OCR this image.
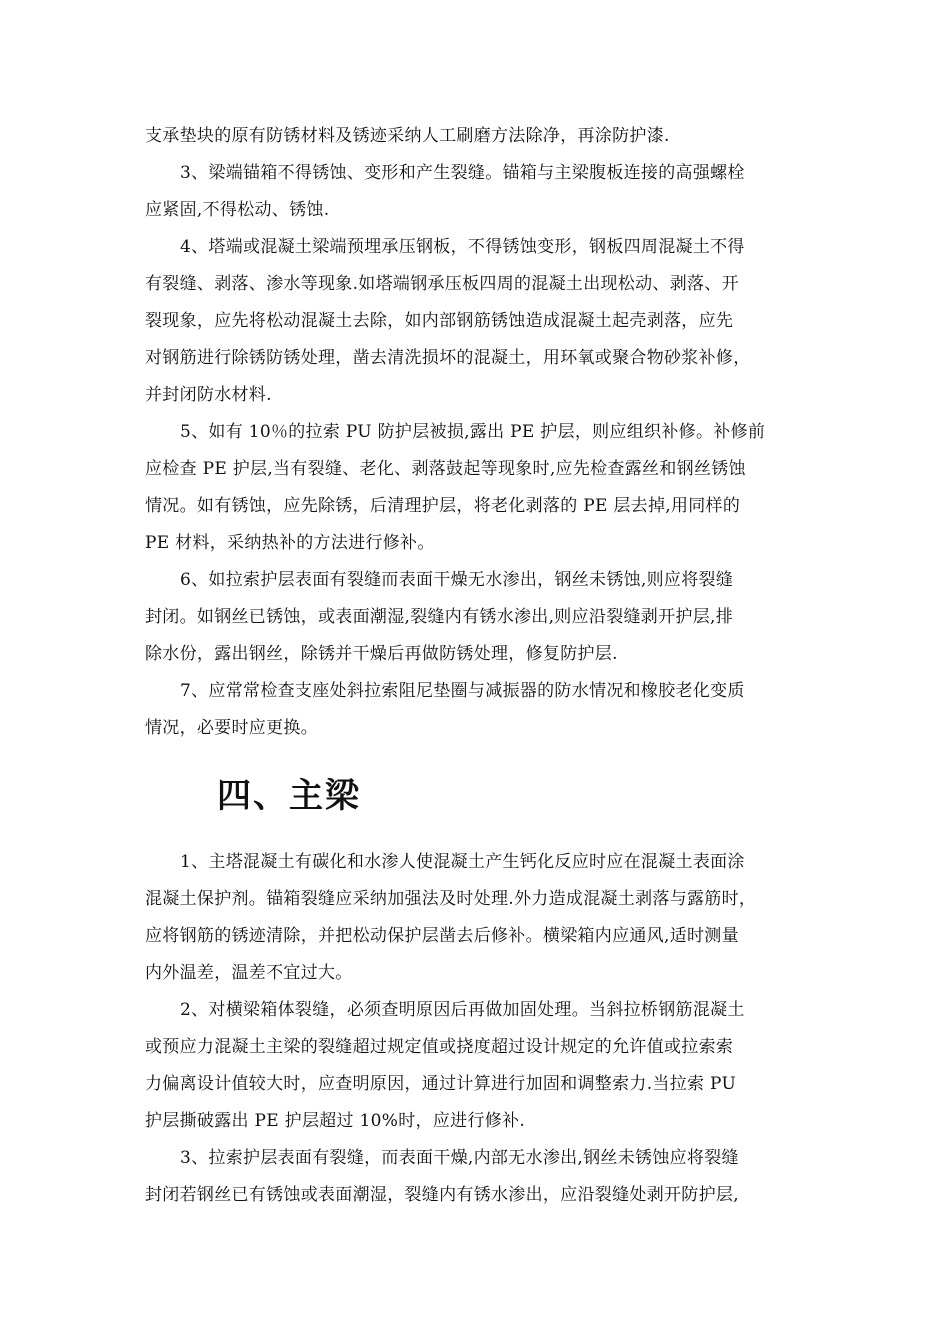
支承垫块的原有防锈材料及锈迹采纳人工刷磨方法除净，再涂防护漆.
3、梁端锚箱不得锈蚀、变形和产生裂缝。锚箱与主梁腹板连接的高强螺栓
应紧固,不得松动、锈蚀.
4、塔端或混凝土梁端预埋承压钢板，不得锈蚀变形，钢板四周混凝土不得
有裂缝、剥落、渗水等现象.如塔端钢承压板四周的混凝土出现松动、剥落、开
裂现象，应先将松动混凝土去除，如内部钢筋锈蚀造成混凝土起壳剥落，应先
对钢筋进行除锈防锈处理，凿去清洗损坏的混凝土，用环氧或聚合物砂浆补修，
并封闭防水材料.
5、如有 10％的拉索 PU 防护层被损,露出 PE 护层，则应组织补修。补修前
应检查 PE 护层,当有裂缝、老化、剥落鼓起等现象时,应先检查露丝和钢丝锈蚀
情况。如有锈蚀，应先除锈，后清理护层，将老化剥落的 PE 层去掉,用同样的
PE 材料，采纳热补的方法进行修补。
6、如拉索护层表面有裂缝而表面干燥无水渗出，钢丝未锈蚀,则应将裂缝
封闭。如钢丝已锈蚀，或表面潮湿,裂缝内有锈水渗出,则应沿裂缝剥开护层,排
除水份，露出钢丝，除锈并干燥后再做防锈处理，修复防护层.
7、应常常检查支座处斜拉索阻尼垫圈与减振器的防水情况和橡胶老化变质
情况，必要时应更换。
四、主梁
1、主塔混凝土有碳化和水渗人使混凝土产生钙化反应时应在混凝土表面涂
混凝土保护剂。锚箱裂缝应采纳加强法及时处理.外力造成混凝土剥落与露筋时，
应将钢筋的锈迹清除，并把松动保护层凿去后修补。横梁箱内应通风,适时测量
内外温差，温差不宜过大。
2、对横梁箱体裂缝，必须查明原因后再做加固处理。当斜拉桥钢筋混凝土
或预应力混凝土主梁的裂缝超过规定值或挠度超过设计规定的允许值或拉索索
力偏离设计值较大时，应查明原因，通过计算进行加固和调整索力.当拉索 PU
护层撕破露出 PE 护层超过 10%时，应进行修补.
3、拉索护层表面有裂缝，而表面干燥,内部无水渗出,钢丝未锈蚀应将裂缝
封闭若钢丝已有锈蚀或表面潮湿，裂缝内有锈水渗出，应沿裂缝处剥开防护层,
